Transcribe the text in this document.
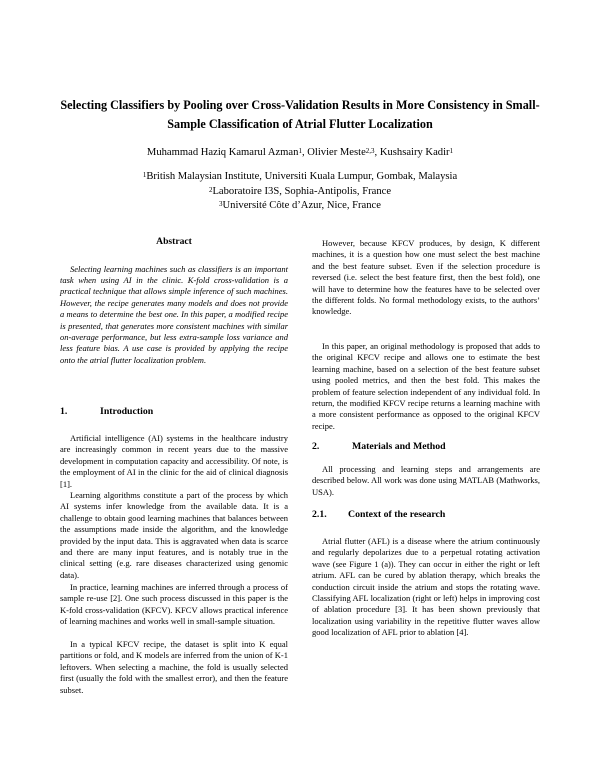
Selecting Classifiers by Pooling over Cross-Validation Results in More Consistency in Small-Sample Classification of Atrial Flutter Localization
Muhammad Haziq Kamarul Azman$^1$, Olivier Meste$^{2,3}$, Kushsairy Kadir$^1$
$^1$British Malaysian Institute, Universiti Kuala Lumpur, Gombak, Malaysia
$^2$Laboratoire I3S, Sophia-Antipolis, France
$^3$Université Côte d’Azur, Nice, France
Abstract

Selecting learning machines such as classifiers is an important task when using AI in the clinic. K-fold cross-validation is a practical technique that allows simple inference of such machines. However, the recipe generates many models and does not provide a means to determine the best one. In this paper, a modified recipe is presented, that generates more consistent machines with similar on-average performance, but less extra-sample loss variance and less feature bias. A use case is provided by applying the recipe onto the atrial flutter localization problem.

1.	Introduction

Artificial intelligence (AI) systems in the healthcare industry are increasingly common in recent years due to the massive development in computation capacity and accessibility. Of note, is the employment of AI in the clinic for the aid of clinical diagnosis [1].

Learning algorithms constitute a part of the process by which AI systems infer knowledge from the available data. It is a challenge to obtain good learning machines that balances between the assumptions made inside the algorithm, and the knowledge provided by the input data. This is aggravated when data is scarce and there are many input features, and is notably true in the clinical setting (e.g. rare diseases characterized using genomic data).

In practice, learning machines are inferred through a process of sample re-use [2]. One such process discussed in this paper is the K-fold cross-validation (KFCV). KFCV allows practical inference of learning machines and works well in small-sample situation.

In a typical KFCV recipe, the dataset is split into K equal partitions or fold, and K models are inferred from the union of K-1 leftovers. When selecting a machine, the fold is usually selected first (usually the fold with the smallest error), and then the feature subset.

However, because KFCV produces, by design, K different machines, it is a question how one must select the best machine and the best feature subset. Even if the selection procedure is reversed (i.e. select the best feature first, then the best fold), one will have to determine how the features have to be selected over the different folds. No formal methodology exists, to the authors’ knowledge.

In this paper, an original methodology is proposed that adds to the original KFCV recipe and allows one to estimate the best learning machine, based on a selection of the best feature subset using pooled metrics, and then the best fold. This makes the problem of feature selection independent of any individual fold. In return, the modified KFCV recipe returns a learning machine with a more consistent performance as opposed to the original KFCV recipe.

2.	Materials and Method

All processing and learning steps and arrangements are described below. All work was done using MATLAB (Mathworks, USA).

2.1. Context of the research

Atrial flutter (AFL) is a disease where the atrium continuously and regularly depolarizes due to a perpetual rotating activation wave (see Figure 1 (a)). They can occur in either the right or left atrium. AFL can be cured by ablation therapy, which breaks the conduction circuit inside the atrium and stops the rotating wave. Classifying AFL localization (right or left) helps in improving cost of ablation procedure [3]. It has been shown previously that localization using variability in the repetitive flutter waves allow good localization of AFL prior to ablation [4].
